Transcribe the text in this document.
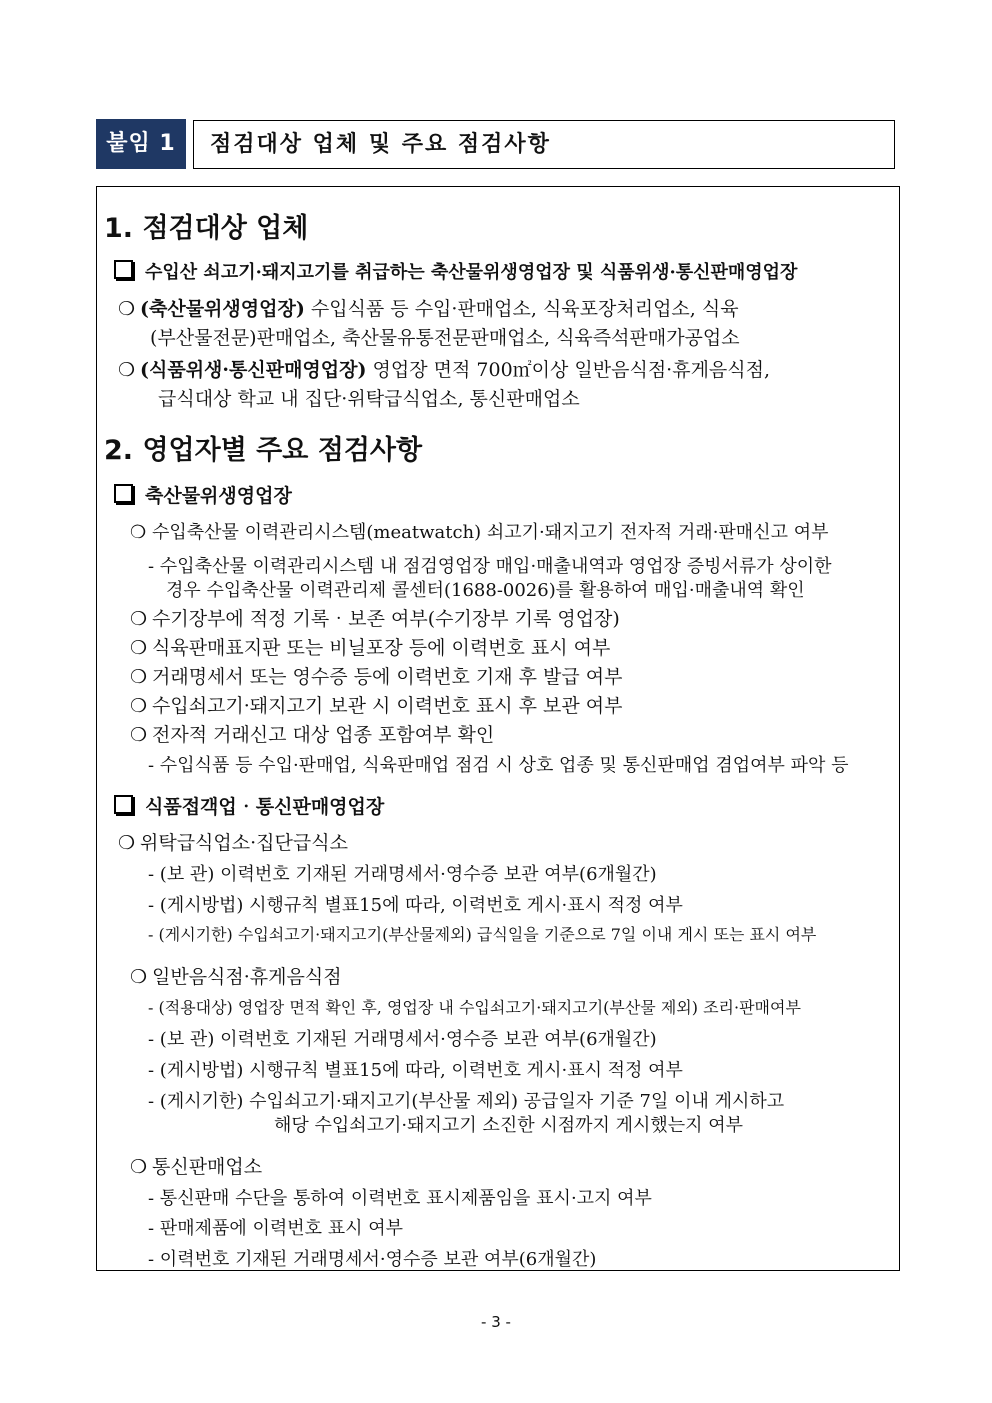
붙임 1	점검대상 업체 및 주요 점검사항
1. 점검대상 업체
수입산 쇠고기·돼지고기를 취급하는 축산물위생영업장 및 식품위생·통신판매영업장
❍ (축산물위생영업장) 수입식품 등 수입·판매업소, 식육포장처리업소, 식육
(부산물전문)판매업소, 축산물유통전문판매업소, 식육즉석판매가공업소
❍ (식품위생·통신판매영업장) 영업장 면적 700㎡이상 일반음식점·휴게음식점,
급식대상 학교 내 집단·위탁급식업소, 통신판매업소
2. 영업자별 주요 점검사항
축산물위생영업장
❍ 수입축산물 이력관리시스템(meatwatch) 쇠고기·돼지고기 전자적 거래·판매신고 여부
- 수입축산물 이력관리시스템 내 점검영업장 매입·매출내역과 영업장 증빙서류가 상이한
경우 수입축산물 이력관리제 콜센터(1688-0026)를 활용하여 매입·매출내역 확인
❍ 수기장부에 적정 기록‧보존 여부(수기장부 기록 영업장)
❍ 식육판매표지판 또는 비닐포장 등에 이력번호 표시 여부
❍ 거래명세서 또는 영수증 등에 이력번호 기재 후 발급 여부
❍ 수입쇠고기·돼지고기 보관 시 이력번호 표시 후 보관 여부
❍ 전자적 거래신고 대상 업종 포함여부 확인
- 수입식품 등 수입·판매업, 식육판매업 점검 시 상호 업종 및 통신판매업 겸업여부 파악 등
식품접객업‧통신판매영업장
❍ 위탁급식업소·집단급식소
- (보 관) 이력번호 기재된 거래명세서·영수증 보관 여부(6개월간)
- (게시방법) 시행규칙 별표15에 따라, 이력번호 게시·표시 적정 여부
- (게시기한) 수입쇠고기·돼지고기(부산물제외) 급식일을 기준으로 7일 이내 게시 또는 표시 여부
❍ 일반음식점·휴게음식점
- (적용대상) 영업장 면적 확인 후, 영업장 내 수입쇠고기·돼지고기(부산물 제외) 조리·판매여부
- (보 관) 이력번호 기재된 거래명세서·영수증 보관 여부(6개월간)
- (게시방법) 시행규칙 별표15에 따라, 이력번호 게시·표시 적정 여부
- (게시기한) 수입쇠고기·돼지고기(부산물 제외) 공급일자 기준 7일 이내 게시하고
해당 수입쇠고기·돼지고기 소진한 시점까지 게시했는지 여부
❍ 통신판매업소
- 통신판매 수단을 통하여 이력번호 표시제품임을 표시·고지 여부
- 판매제품에 이력번호 표시 여부
- 이력번호 기재된 거래명세서·영수증 보관 여부(6개월간)
- 3 -
